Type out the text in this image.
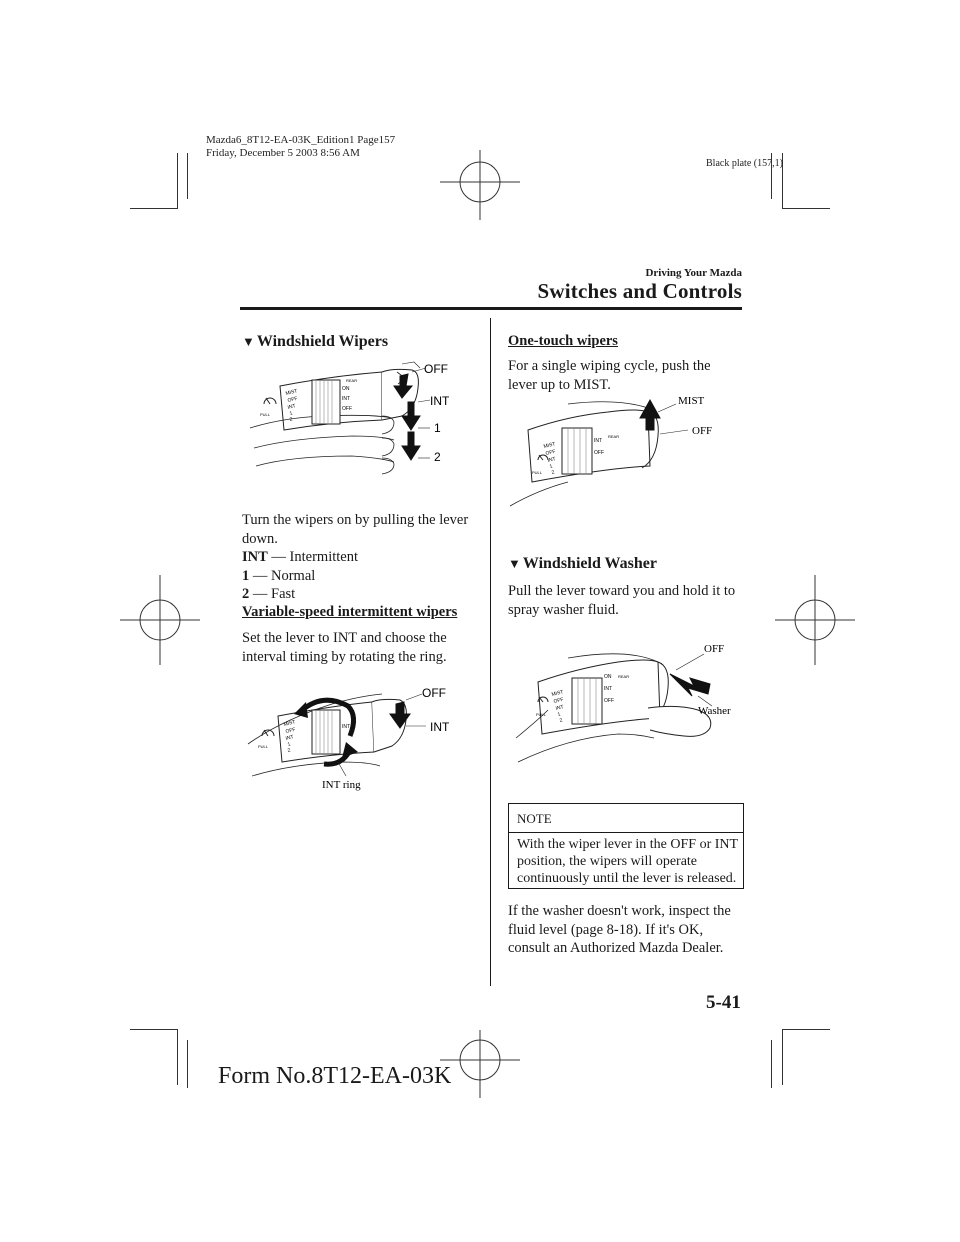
Mazda6_8T12-EA-03K_Edition1 Page157
Friday, December 5 2003 8:56 AM
Black plate (157,1)
Driving Your Mazda
Switches and Controls
▼ Windshield Wipers
MIST
OFF
INT
1
2
PULL
ON
INT
OFF
REAR
OFF
INT
1
2
Turn the wipers on by pulling the lever down.
INT — Intermittent
1 — Normal
2 — Fast
Variable-speed intermittent wipers
Set the lever to INT and choose the interval timing by rotating the ring.
MIST
OFF
INT
1
2
PULL
INT
OFF
INT
INT ring
One-touch wipers
For a single wiping cycle, push the lever up to MIST.
MIST
OFF
INT
1
2
PULL
INT
OFF
REAR
MIST
OFF
▼ Windshield Washer
Pull the lever toward you and hold it to spray washer fluid.
MIST
OFF
INT
1
2
PULL
ON
INT
OFF
REAR
OFF
Washer
NOTE
With the wiper lever in the OFF or INT position, the wipers will operate continuously until the lever is released.
If the washer doesn't work, inspect the fluid level (page 8-18). If it's OK, consult an Authorized Mazda Dealer.
5-41
Form No.8T12-EA-03K
